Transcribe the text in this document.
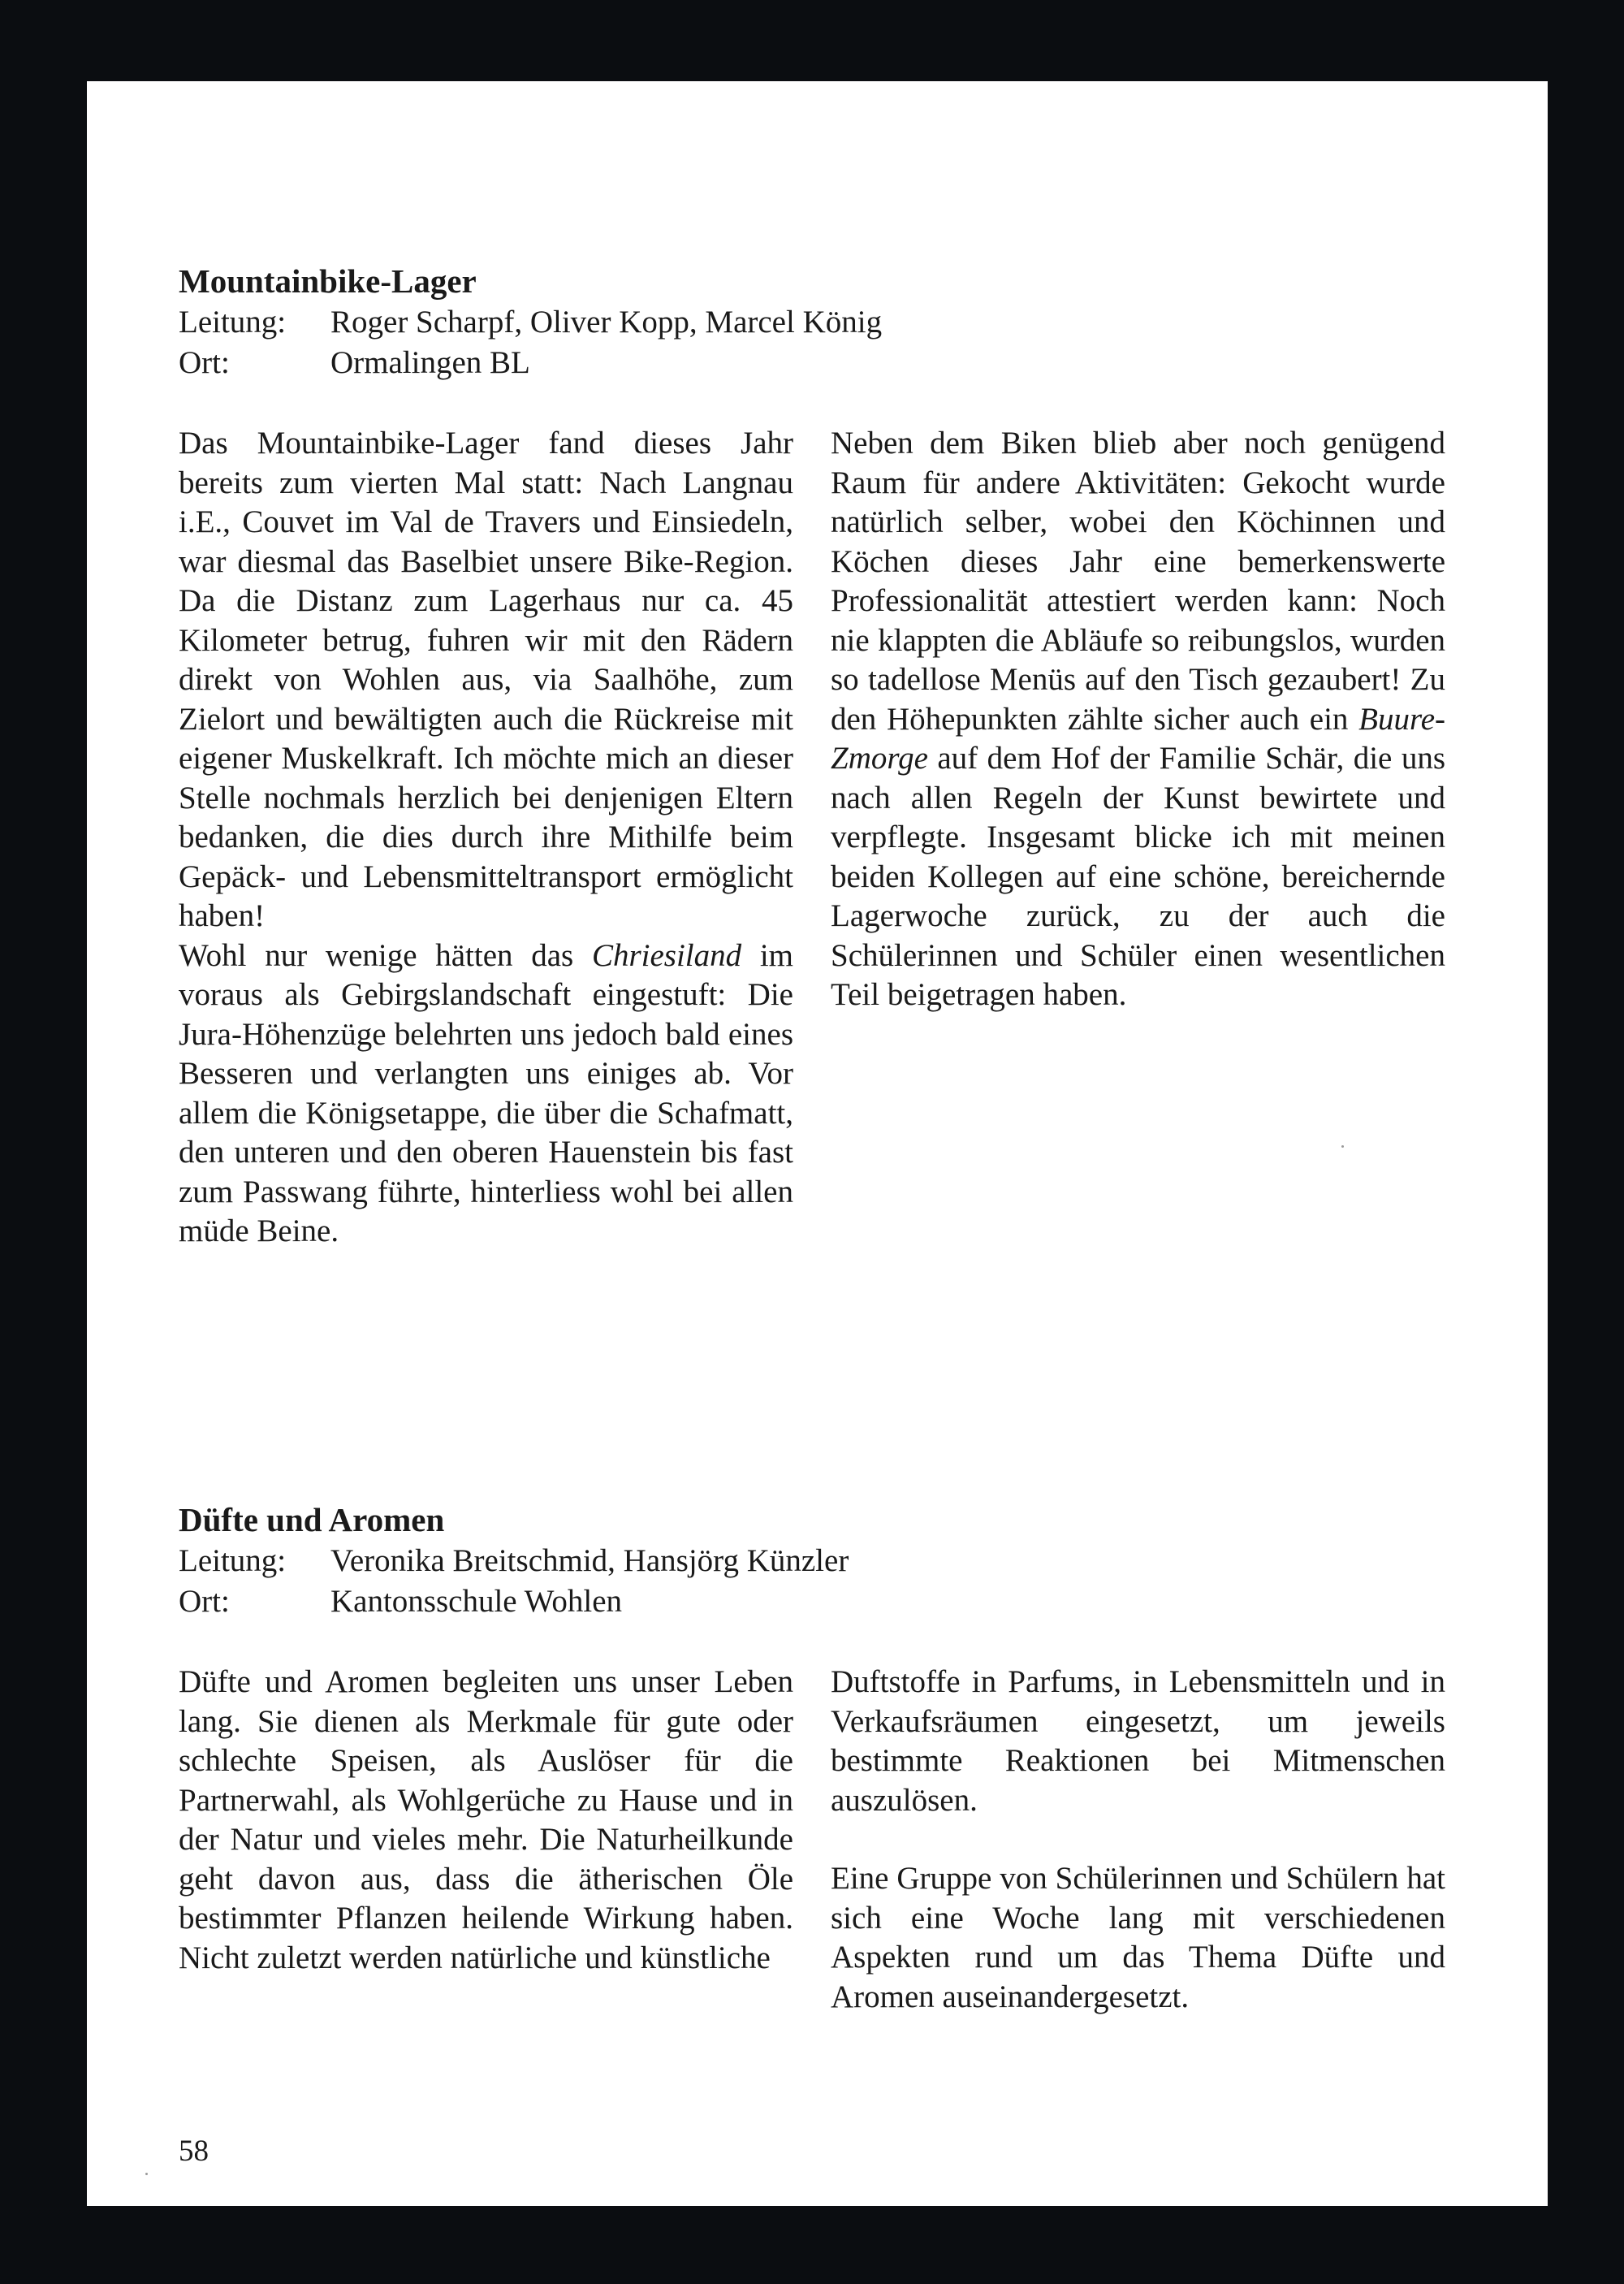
Mountainbike-Lager
Leitung:	Roger Scharpf, Oliver Kopp, Marcel König
Ort:	Ormalingen BL

Das Mountainbike-Lager fand dieses Jahr bereits zum vierten Mal statt: Nach Langnau i.E., Couvet im Val de Travers und Einsiedeln, war diesmal das Baselbiet unsere Bike-Region. Da die Distanz zum Lagerhaus nur ca. 45 Kilometer betrug, fuhren wir mit den Rädern direkt von Wohlen aus, via Saalhöhe, zum Zielort und bewältigten auch die Rückreise mit eigener Muskelkraft. Ich möchte mich an dieser Stelle nochmals herzlich bei denjenigen Eltern bedanken, die dies durch ihre Mithilfe beim Gepäck- und Lebensmitteltransport ermöglicht haben!

Wohl nur wenige hätten das Chriesiland im voraus als Gebirgslandschaft eingestuft: Die Jura-Höhenzüge belehrten uns jedoch bald eines Besseren und verlangten uns einiges ab. Vor allem die Königsetappe, die über die Schafmatt, den unteren und den oberen Hauenstein bis fast zum Passwang führte, hinterliess wohl bei allen müde Beine.

Neben dem Biken blieb aber noch genügend Raum für andere Aktivitäten: Gekocht wurde natürlich selber, wobei den Köchinnen und Köchen dieses Jahr eine bemerkenswerte Professionalität attestiert werden kann: Noch nie klappten die Abläufe so reibungslos, wurden so tadellose Menüs auf den Tisch gezaubert! Zu den Höhepunkten zählte sicher auch ein Buure-Zmorge auf dem Hof der Familie Schär, die uns nach allen Regeln der Kunst bewirtete und verpflegte. Insgesamt blicke ich mit meinen beiden Kollegen auf eine schöne, bereichernde Lagerwoche zurück, zu der auch die Schülerinnen und Schüler einen wesentlichen Teil beigetragen haben.

Düfte und Aromen
Leitung:	Veronika Breitschmid, Hansjörg Künzler
Ort:	Kantonsschule Wohlen

Düfte und Aromen begleiten uns unser Leben lang. Sie dienen als Merkmale für gute oder schlechte Speisen, als Auslöser für die Partnerwahl, als Wohlgerüche zu Hause und in der Natur und vieles mehr. Die Naturheilkunde geht davon aus, dass die ätherischen Öle bestimmter Pflanzen heilende Wirkung haben. Nicht zuletzt werden natürliche und künstliche

Duftstoffe in Parfums, in Lebensmitteln und in Verkaufsräumen eingesetzt, um jeweils bestimmte Reaktionen bei Mitmenschen auszulösen.

Eine Gruppe von Schülerinnen und Schülern hat sich eine Woche lang mit verschiedenen Aspekten rund um das Thema Düfte und Aromen auseinandergesetzt.

58
